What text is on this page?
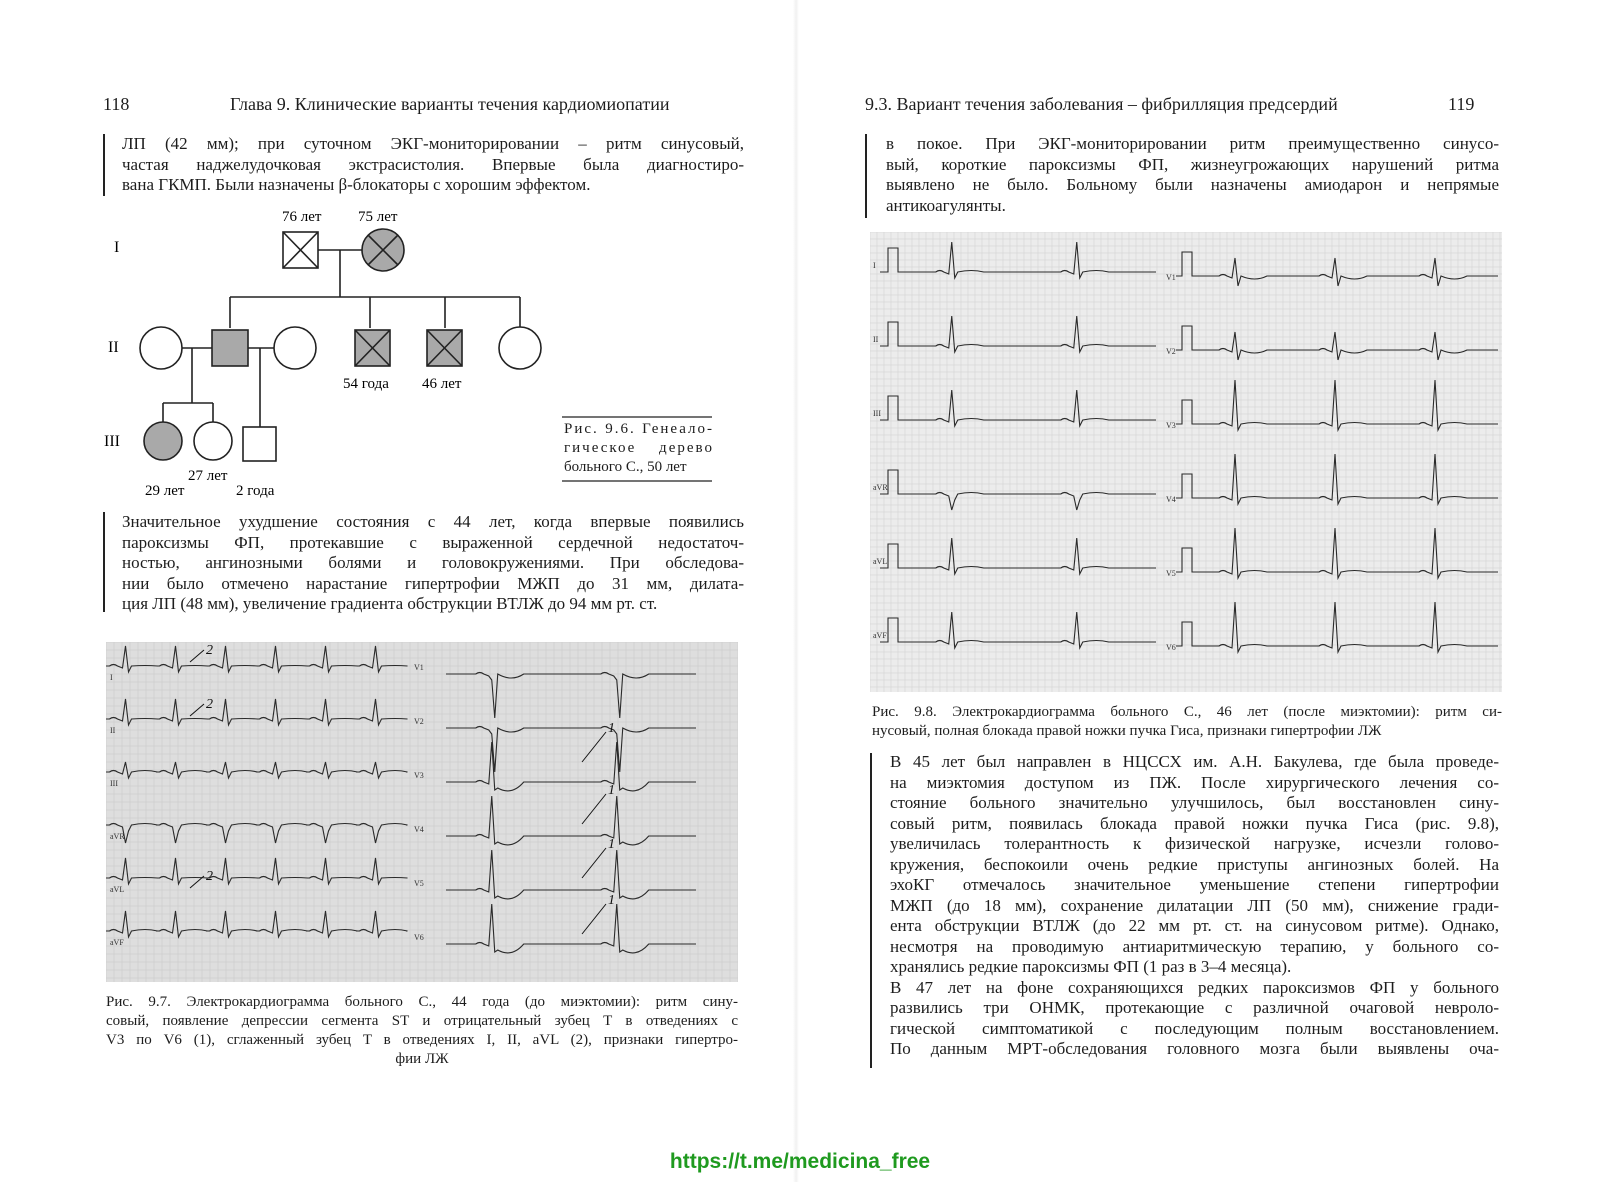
118	Глава 9. Клинические варианты течения кардиомиопатии
ЛП (42 мм); при суточном ЭКГ-мониторировании – ритм синусовый,
частая наджелудочковая экстрасистолия. Впервые была диагностиро-
вана ГКМП. Были назначены β-блокаторы с хорошим эффектом.
76 лет 75 лет
54 года 46 лет
27 лет
29 лет	2 года
I
II
III
Рис. 9.6. Генеало-
гическое дерево
больного С., 50 лет
Значительное ухудшение состояния с 44 лет, когда впервые появились
пароксизмы ФП, протекавшие с выраженной сердечной недостаточ-
ностью, ангинозными болями и головокружениями. При обследова-
нии было отмечено нарастание гипертрофии МЖП до 31 мм, дилата-
ция ЛП (48 мм), увеличение градиента обструкции ВТЛЖ до 94 мм рт. ст.
I
II
III
aVR
aVL
aVF
V1
V2
V3
V4
V5
V6
2
2
2
1
1
1
1
Рис. 9.7. Электрокардиограмма больного С., 44 года (до миэктомии): ритм сину-
совый, появление депрессии сегмента ST и отрицательный зубец T в отведениях с
V3 по V6 (1), сглаженный зубец T в отведениях I, II, aVL (2), признаки гипертро-
фии ЛЖ
9.3. Вариант течения заболевания – фибрилляция предсердий	119
в покое. При ЭКГ-мониторировании ритм преимущественно синусо-
вый, короткие пароксизмы ФП, жизнеугрожающих нарушений ритма
выявлено не было. Больному были назначены амиодарон и непрямые
антикоагулянты.
I
II
III
aVR
aVL
aVF
V1
V2
V3
V4
V5
V6
Рис. 9.8. Электрокардиограмма больного С., 46 лет (после миэктомии): ритм си-
нусовый, полная блокада правой ножки пучка Гиса, признаки гипертрофии ЛЖ
В 45 лет был направлен в НЦССХ им. А.Н. Бакулева, где была проведе-
на миэктомия доступом из ПЖ. После хирургического лечения со-
стояние больного значительно улучшилось, был восстановлен сину-
совый ритм, появилась блокада правой ножки пучка Гиса (рис. 9.8),
увеличилась толерантность к физической нагрузке, исчезли голово-
кружения, беспокоили очень редкие приступы ангинозных болей. На
эхоКГ отмечалось значительное уменьшение степени гипертрофии
МЖП (до 18 мм), сохранение дилатации ЛП (50 мм), снижение гради-
ента обструкции ВТЛЖ (до 22 мм рт. ст. на синусовом ритме). Однако,
несмотря на проводимую антиаритмическую терапию, у больного со-
хранялись редкие пароксизмы ФП (1 раз в 3–4 месяца).
В 47 лет на фоне сохраняющихся редких пароксизмов ФП у больного
развились три ОНМК, протекающие с различной очаговой невроло-
гической симптоматикой с последующим полным восстановлением.
По данным МРТ-обследования головного мозга были выявлены оча-
https://t.me/medicina_free
